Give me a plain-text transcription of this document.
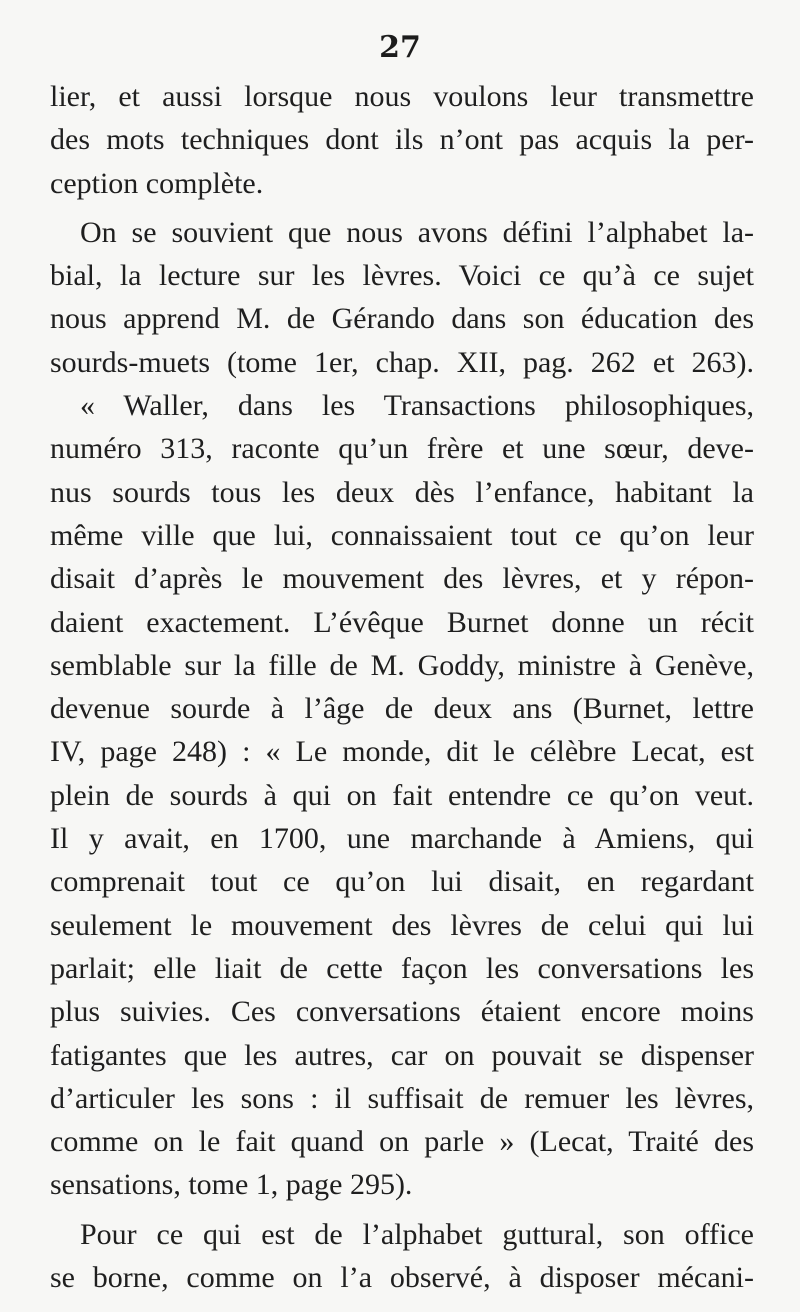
27
lier, et aussi lorsque nous voulons leur transmettre
des mots techniques dont ils n’ont pas acquis la per-
ception complète.
On se souvient que nous avons défini l’alphabet la-
bial, la lecture sur les lèvres. Voici ce qu’à ce sujet
nous apprend M. de Gérando dans son éducation des
sourds-muets (tome 1er, chap. XII, pag. 262 et 263).
« Waller, dans les Transactions philosophiques,
numéro 313, raconte qu’un frère et une sœur, deve-
nus sourds tous les deux dès l’enfance, habitant la
même ville que lui, connaissaient tout ce qu’on leur
disait d’après le mouvement des lèvres, et y répon-
daient exactement. L’évêque Burnet donne un récit
semblable sur la fille de M. Goddy, ministre à Genève,
devenue sourde à l’âge de deux ans (Burnet, lettre
IV, page 248) : « Le monde, dit le célèbre Lecat, est
plein de sourds à qui on fait entendre ce qu’on veut.
Il y avait, en 1700, une marchande à Amiens, qui
comprenait tout ce qu’on lui disait, en regardant
seulement le mouvement des lèvres de celui qui lui
parlait; elle liait de cette façon les conversations les
plus suivies. Ces conversations étaient encore moins
fatigantes que les autres, car on pouvait se dispenser
d’articuler les sons : il suffisait de remuer les lèvres,
comme on le fait quand on parle » (Lecat, Traité des
sensations, tome 1, page 295).
Pour ce qui est de l’alphabet guttural, son office
se borne, comme on l’a observé, à disposer mécani-
